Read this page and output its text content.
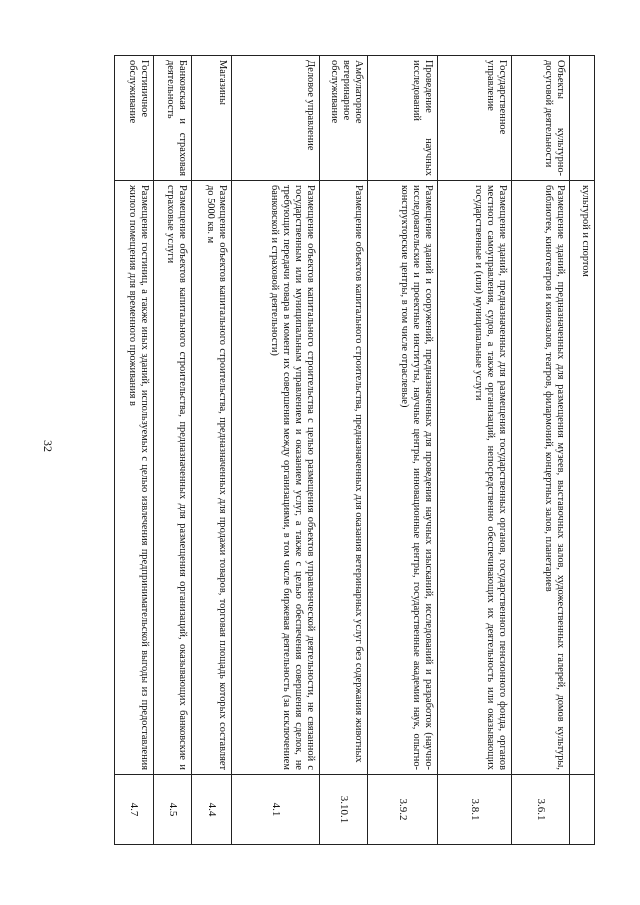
32
	культурой и спортом	
Объекты культурно-досуговой деятельности	Размещение зданий, предназначенных для размещения музеев, выставочных залов, художественных галерей, домов культуры, библиотек, кинотеатров и кинозалов, театров, филармоний, концертных залов, планетариев	3.6.1
Государственное управление	Размещение зданий, предназначенных для размещения государственных органов, государственного пенсионного фонда, органов местного самоуправления, судов, а также организаций, непосредственно обеспечивающих их деятельность или оказывающих государственные и (или) муниципальные услуги	3.8.1
Проведение научных исследований	Размещение зданий и сооружений, предназначенных для проведения научных изысканий, исследований и разработок (научно-исследовательские и проектные институты, научные центры, инновационные центры, государственные академии наук, опытно-конструкторские центры, в том числе отраслевые)	3.9.2
Амбулаторное ветеринарное обслуживание	Размещение объектов капитального строительства, предназначенных для оказания ветеринарных услуг без содержания животных	3.10.1
Деловое управление	Размещение объектов капитального строительства с целью размещения объектов управленческой деятельности, не связанной с государственным или муниципальным управлением и оказанием услуг, а также с целью обеспечения совершения сделок, не требующих передачи товара в момент их совершения между организациями, в том числе биржевая деятельность (за исключением банковской и страховой деятельности)	4.1
Магазины	Размещение объектов капитального строительства, предназначенных для продажи товаров, торговая площадь которых составляет до 5000 кв. м	4.4
Банковская и страховая деятельность	Размещение объектов капитального строительства, предназначенных для размещения организаций, оказывающих банковские и страховые услуги	4.5
Гостиничное обслуживание	Размещение гостиниц, а также иных зданий, используемых с целью извлечения предпринимательской выгоды из предоставления жилого помещения для временного проживания в	4.7
